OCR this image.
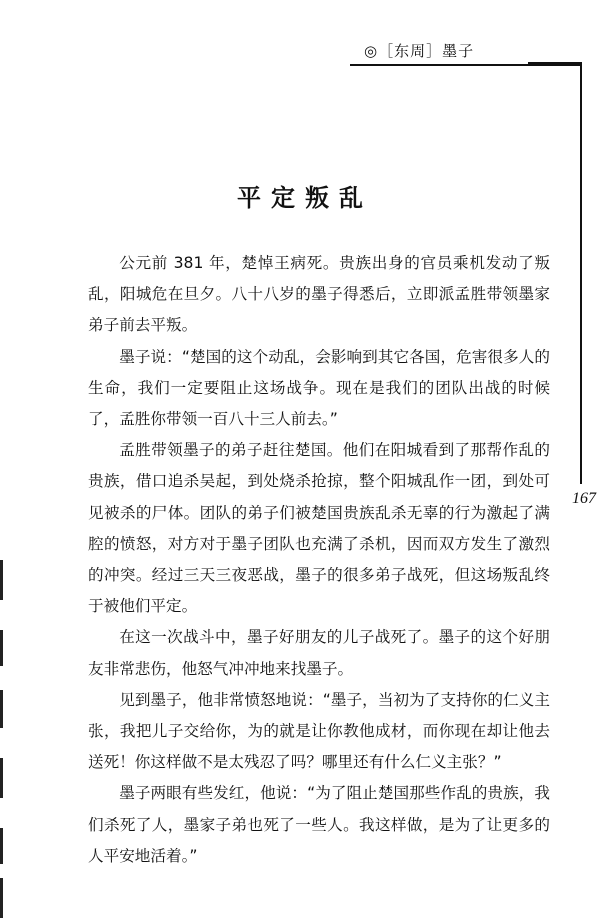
◎［东周］墨子
167
平定叛乱

公元前 381 年，楚悼王病死。贵族出身的官员乘机发动了叛乱，阳城危在旦夕。八十八岁的墨子得悉后，立即派孟胜带领墨家弟子前去平叛。

墨子说：“楚国的这个动乱，会影响到其它各国，危害很多人的生命，我们一定要阻止这场战争。现在是我们的团队出战的时候了，孟胜你带领一百八十三人前去。”

孟胜带领墨子的弟子赶往楚国。他们在阳城看到了那帮作乱的贵族，借口追杀吴起，到处烧杀抢掠，整个阳城乱作一团，到处可见被杀的尸体。团队的弟子们被楚国贵族乱杀无辜的行为激起了满腔的愤怒，对方对于墨子团队也充满了杀机，因而双方发生了激烈的冲突。经过三天三夜恶战，墨子的很多弟子战死，但这场叛乱终于被他们平定。

在这一次战斗中，墨子好朋友的儿子战死了。墨子的这个好朋友非常悲伤，他怒气冲冲地来找墨子。

见到墨子，他非常愤怒地说：“墨子，当初为了支持你的仁义主张，我把儿子交给你，为的就是让你教他成材，而你现在却让他去送死！你这样做不是太残忍了吗？哪里还有什么仁义主张？”

墨子两眼有些发红，他说：“为了阻止楚国那些作乱的贵族，我们杀死了人，墨家子弟也死了一些人。我这样做，是为了让更多的人平安地活着。”
